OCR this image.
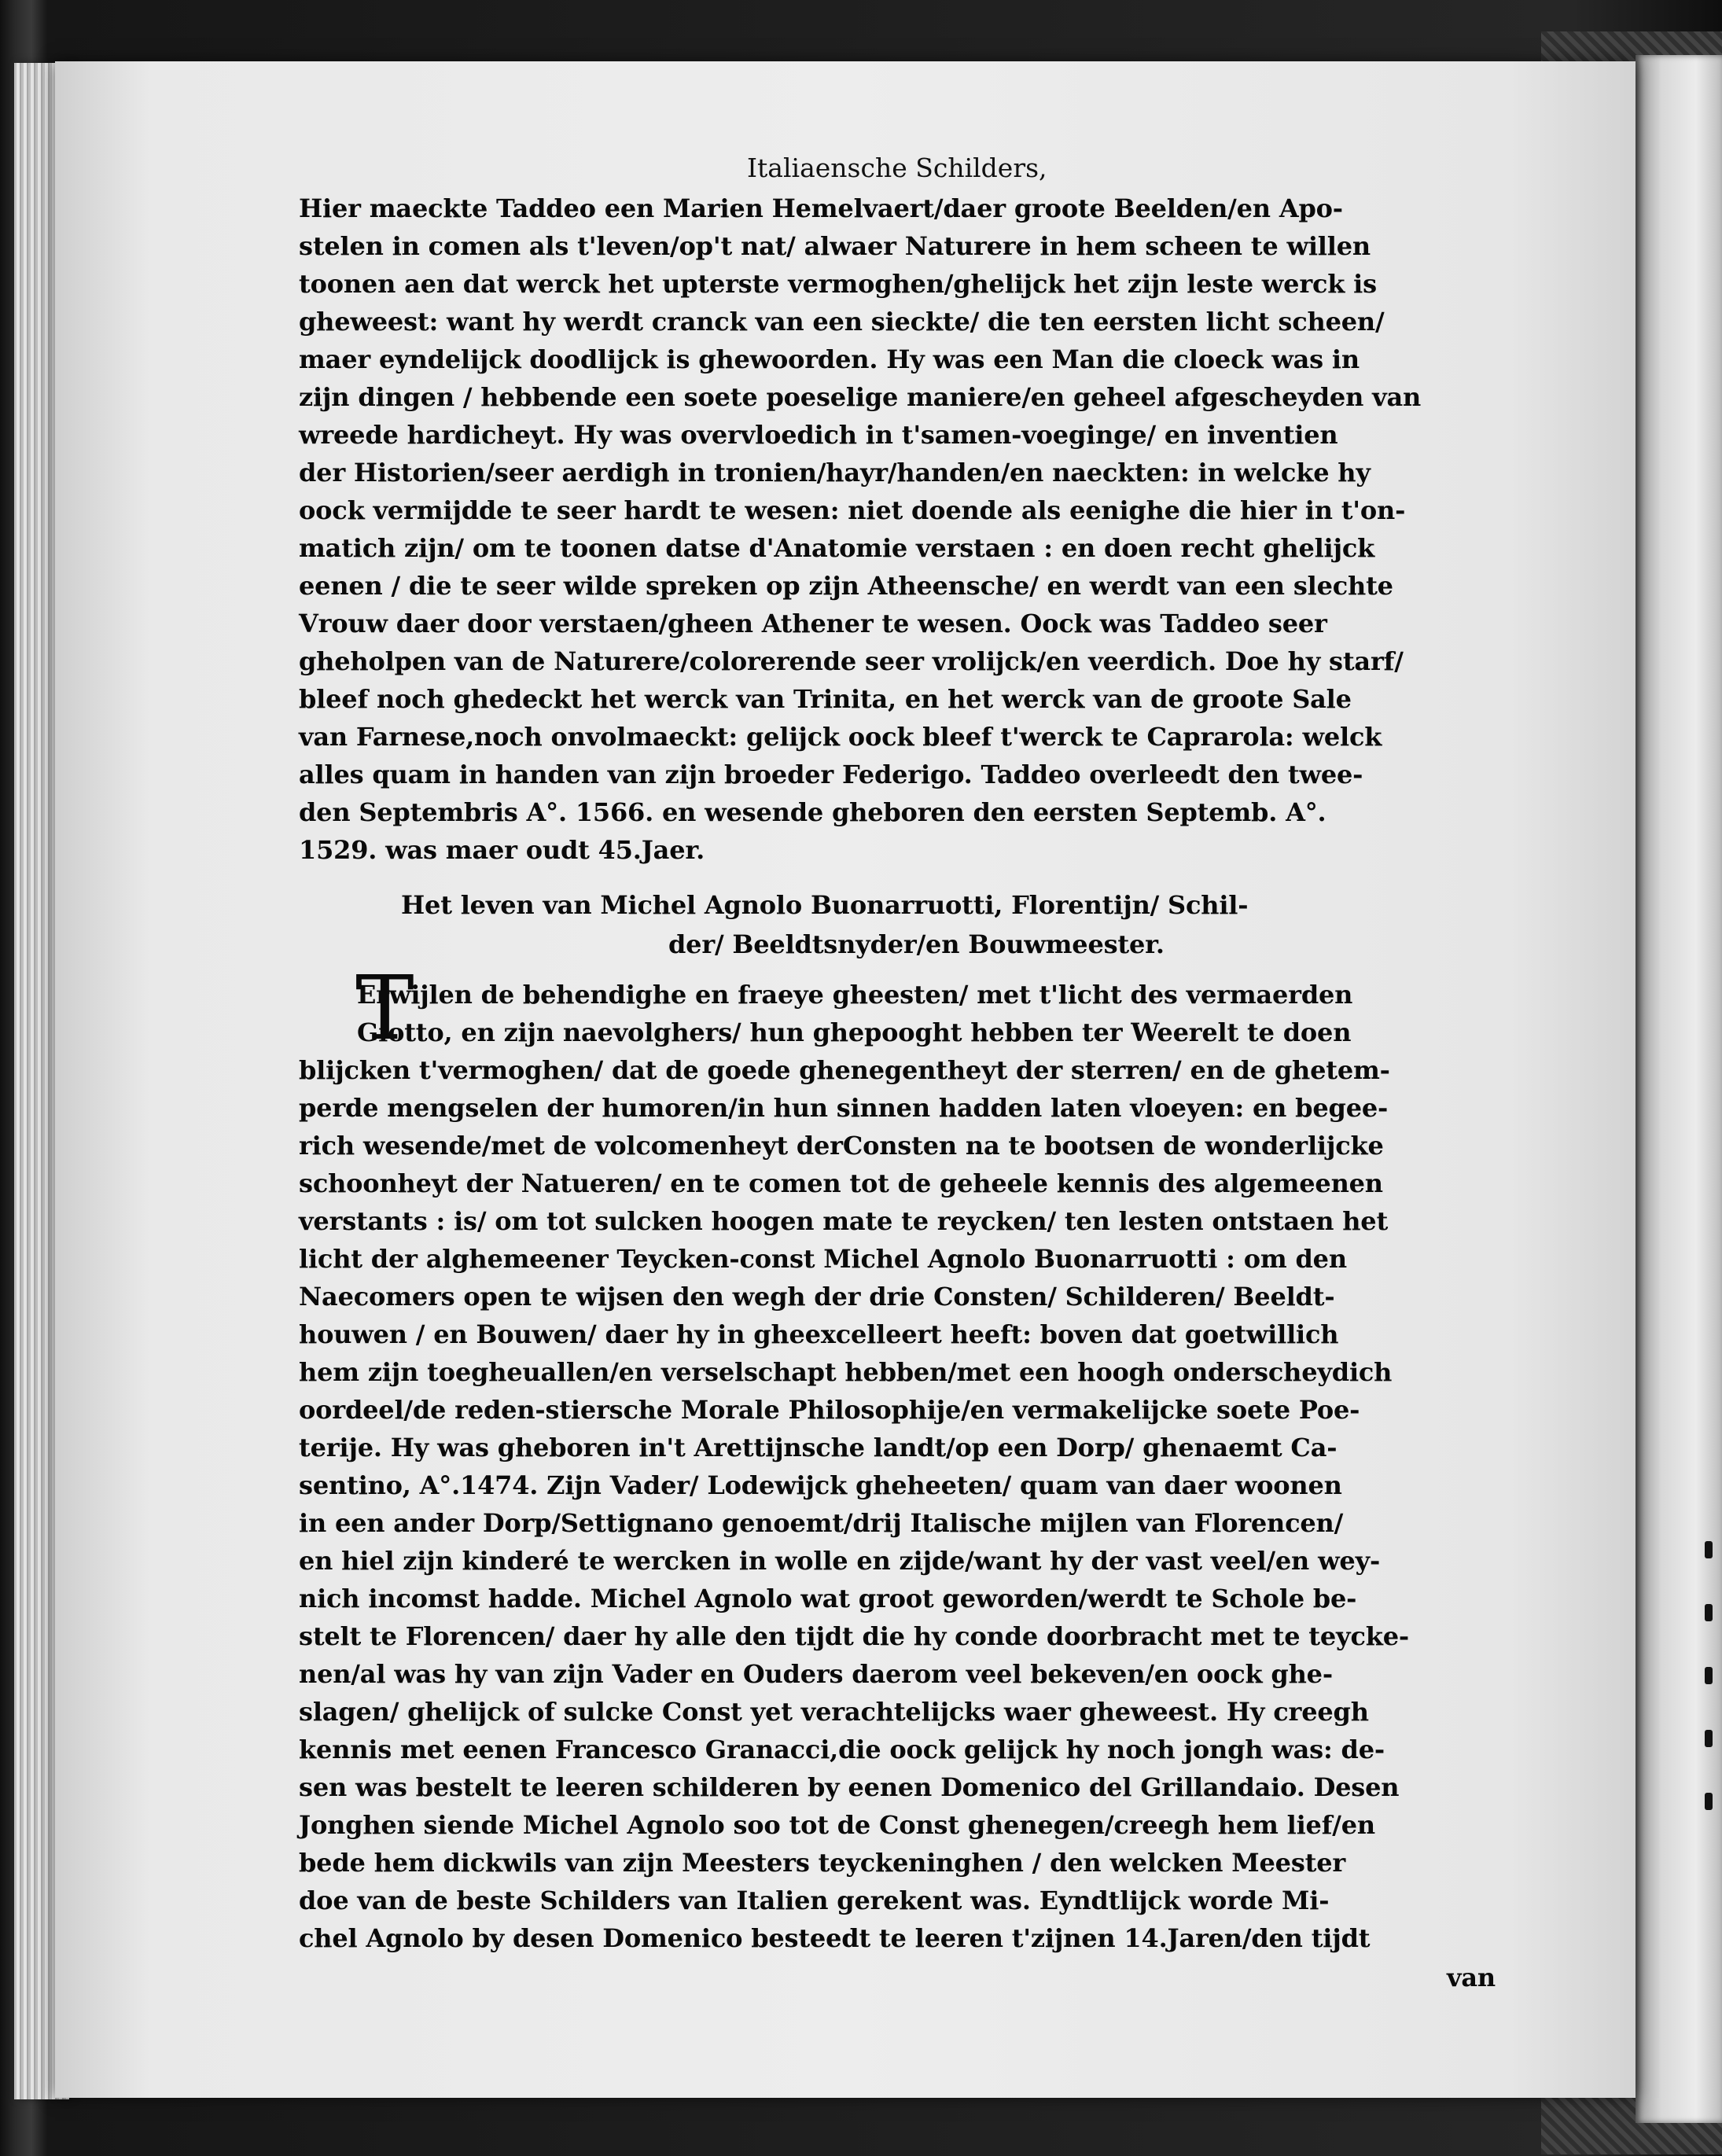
Italiaensche Schilders,
Hier maeckte Taddeo een Marien Hemelvaert/daer groote Beelden/en Apo-
stelen in comen als t'leven/op't nat/ alwaer Naturere in hem scheen te willen
toonen aen dat werck het upterste vermoghen/ghelijck het zijn leste werck is
gheweest: want hy werdt cranck van een sieckte/ die ten eersten licht scheen/
maer eyndelijck doodlijck is ghewoorden. Hy was een Man die cloeck was in
zijn dingen / hebbende een soete poeselige maniere/en geheel afgescheyden van
wreede hardicheyt. Hy was overvloedich in t'samen-voeginge/ en inventien
der Historien/seer aerdigh in tronien/hayr/handen/en naeckten: in welcke hy
oock vermijdde te seer hardt te wesen: niet doende als eenighe die hier in t'on-
matich zijn/ om te toonen datse d'Anatomie verstaen : en doen recht ghelijck
eenen / die te seer wilde spreken op zijn Atheensche/ en werdt van een slechte
Vrouw daer door verstaen/gheen Athener te wesen. Oock was Taddeo seer
gheholpen van de Naturere/colorerende seer vrolijck/en veerdich. Doe hy starf/
bleef noch ghedeckt het werck van Trinita, en het werck van de groote Sale
van Farnese,noch onvolmaeckt: gelijck oock bleef t'werck te Caprarola: welck
alles quam in handen van zijn broeder Federigo. Taddeo overleedt den twee-
den Septembris A°. 1566. en wesende gheboren den eersten Septemb. A°.
1529. was maer oudt 45.Jaer.
Het leven van Michel Agnolo Buonarruotti, Florentijn/ Schil-
der/ Beeldtsnyder/en Bouwmeester.
Erwijlen de behendighe en fraeye gheesten/ met t'licht des vermaerden
Giotto, en zijn naevolghers/ hun ghepooght hebben ter Weerelt te doen
blijcken t'vermoghen/ dat de goede ghenegentheyt der sterren/ en de ghetem-
perde mengselen der humoren/in hun sinnen hadden laten vloeyen: en begee-
rich wesende/met de volcomenheyt derConsten na te bootsen de wonderlijcke
schoonheyt der Natueren/ en te comen tot de geheele kennis des algemeenen
verstants : is/ om tot sulcken hoogen mate te reycken/ ten lesten ontstaen het
licht der alghemeener Teycken-const Michel Agnolo Buonarruotti : om den
Naecomers open te wijsen den wegh der drie Consten/ Schilderen/ Beeldt-
houwen / en Bouwen/ daer hy in gheexcelleert heeft: boven dat goetwillich
hem zijn toegheuallen/en verselschapt hebben/met een hoogh onderscheydich
oordeel/de reden-stiersche Morale Philosophije/en vermakelijcke soete Poe-
terije. Hy was gheboren in't Arettijnsche landt/op een Dorp/ ghenaemt Ca-
sentino, A°.1474. Zijn Vader/ Lodewijck gheheeten/ quam van daer woonen
in een ander Dorp/Settignano genoemt/drij Italische mijlen van Florencen/
en hiel zijn kinderé te wercken in wolle en zijde/want hy der vast veel/en wey-
nich incomst hadde. Michel Agnolo wat groot geworden/werdt te Schole be-
stelt te Florencen/ daer hy alle den tijdt die hy conde doorbracht met te teycke-
nen/al was hy van zijn Vader en Ouders daerom veel bekeven/en oock ghe-
slagen/ ghelijck of sulcke Const yet verachtelijcks waer gheweest. Hy creegh
kennis met eenen Francesco Granacci,die oock gelijck hy noch jongh was: de-
sen was bestelt te leeren schilderen by eenen Domenico del Grillandaio. Desen
Jonghen siende Michel Agnolo soo tot de Const ghenegen/creegh hem lief/en
bede hem dickwils van zijn Meesters teyckeninghen / den welcken Meester
doe van de beste Schilders van Italien gerekent was. Eyndtlijck worde Mi-
chel Agnolo by desen Domenico besteedt te leeren t'zijnen 14.Jaren/den tijdt
van
T
